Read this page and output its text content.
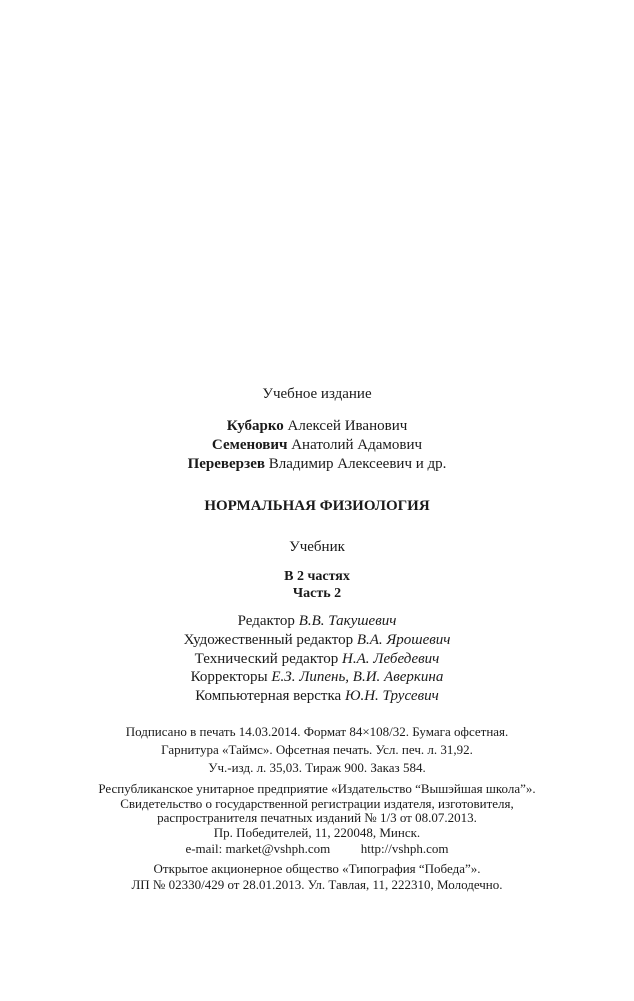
Учебное издание
Кубарко Алексей Иванович
Семенович Анатолий Адамович
Переверзев Владимир Алексеевич и др.
НОРМАЛЬНАЯ ФИЗИОЛОГИЯ
Учебник
В 2 частях
Часть 2
Редактор В.В. Такушевич
Художественный редактор В.А. Ярошевич
Технический редактор Н.А. Лебедевич
Корректоры Е.З. Липень, В.И. Аверкина
Компьютерная верстка Ю.Н. Трусевич
Подписано в печать 14.03.2014. Формат 84×108/32. Бумага офсетная.
Гарнитура «Таймс». Офсетная печать. Усл. печ. л. 31,92.
Уч.-изд. л. 35,03. Тираж 900. Заказ 584.
Республиканское унитарное предприятие «Издательство “Вышэйшая школа”».
Свидетельство о государственной регистрации издателя, изготовителя,
распространителя печатных изданий № 1/3 от 08.07.2013.
Пр. Победителей, 11, 220048, Минск.
e-mail: market@vshph.com http://vshph.com
Открытое акционерное общество «Типография “Победа”».
ЛП № 02330/429 от 28.01.2013. Ул. Тавлая, 11, 222310, Молодечно.
